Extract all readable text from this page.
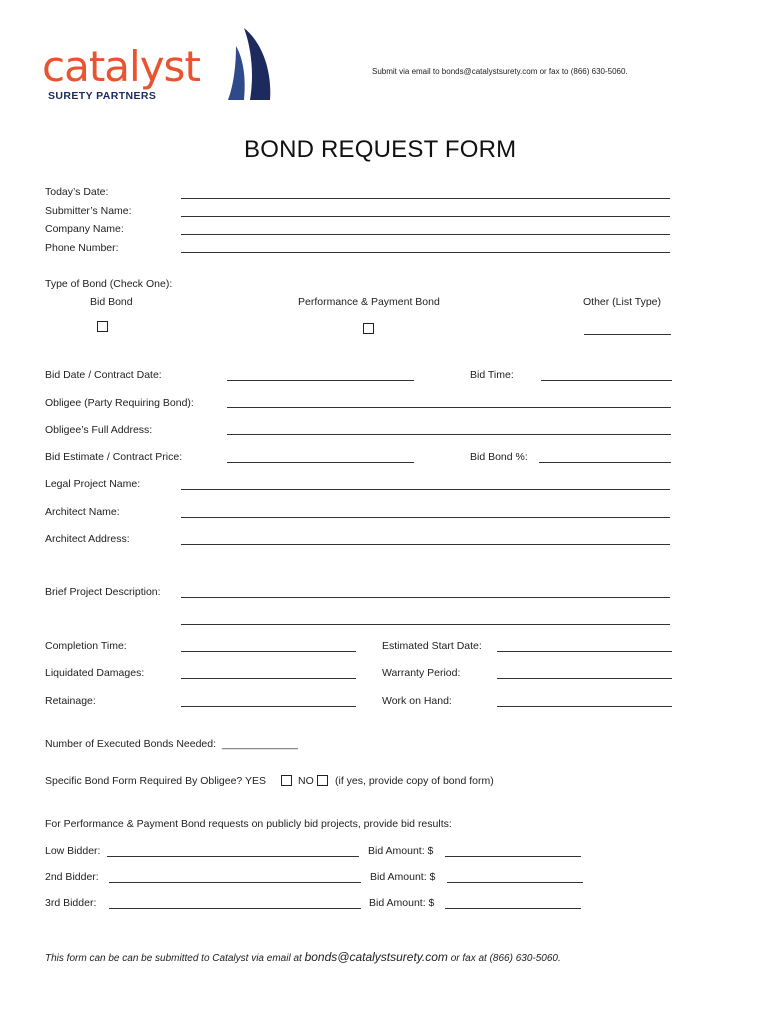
catalyst
SURETY PARTNERS
Submit via email to bonds@catalystsurety.com or fax to (866) 630-5060.
BOND REQUEST FORM
Today’s Date:
Submitter’s Name:
Company Name:
Phone Number:
Type of Bond (Check One):
Bid Bond	Performance & Payment Bond	Other (List Type)
Bid Date / Contract Date:	Bid Time:
Obligee (Party Requiring Bond):
Obligee’s Full Address:
Bid Estimate / Contract Price:	Bid Bond %:
Legal Project Name:
Architect Name:
Architect Address:
Brief Project Description:
Completion Time:	Estimated Start Date:
Liquidated Damages:	Warranty Period:
Retainage:	Work on Hand:
Number of Executed Bonds Needed: _____________
Specific Bond Form Required By Obligee? YES	NO (if yes, provide copy of bond form)
For Performance & Payment Bond requests on publicly bid projects, provide bid results:
Low Bidder:	Bid Amount: $
2nd Bidder:	Bid Amount: $
3rd Bidder:	Bid Amount: $
This form can be can be submitted to Catalyst via email at bonds@catalystsurety.com or fax at (866) 630-5060.
